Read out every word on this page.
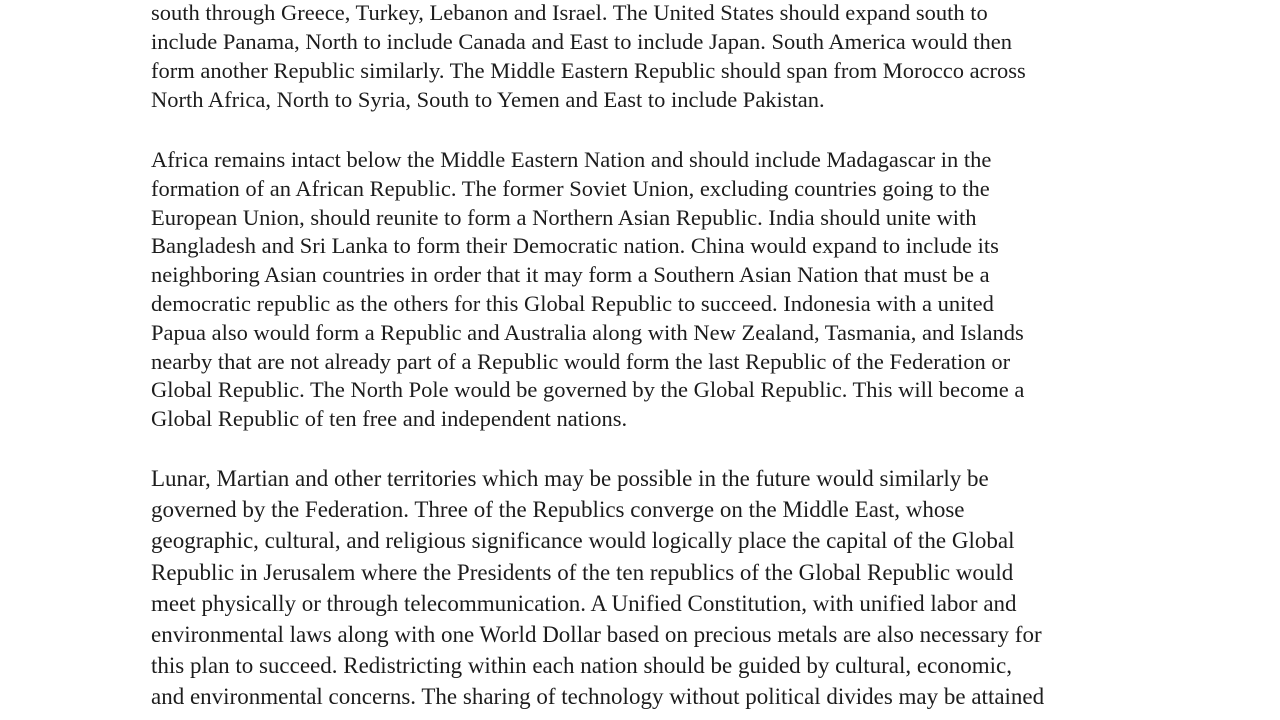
south through Greece, Turkey, Lebanon and Israel. The United States should expand south to
include Panama, North to include Canada and East to include Japan. South America would then
form another Republic similarly. The Middle Eastern Republic should span from Morocco across
North Africa, North to Syria, South to Yemen and East to include Pakistan.
Africa remains intact below the Middle Eastern Nation and should include Madagascar in the
formation of an African Republic. The former Soviet Union, excluding countries going to the
European Union, should reunite to form a Northern Asian Republic. India should unite with
Bangladesh and Sri Lanka to form their Democratic nation. China would expand to include its
neighboring Asian countries in order that it may form a Southern Asian Nation that must be a
democratic republic as the others for this Global Republic to succeed. Indonesia with a united
Papua also would form a Republic and Australia along with New Zealand, Tasmania, and Islands
nearby that are not already part of a Republic would form the last Republic of the Federation or
Global Republic. The North Pole would be governed by the Global Republic. This will become a
Global Republic of ten free and independent nations.
Lunar, Martian and other territories which may be possible in the future would similarly be
governed by the Federation. Three of the Republics converge on the Middle East, whose
geographic, cultural, and religious significance would logically place the capital of the Global
Republic in Jerusalem where the Presidents of the ten republics of the Global Republic would
meet physically or through telecommunication. A Unified Constitution, with unified labor and
environmental laws along with one World Dollar based on precious metals are also necessary for
this plan to succeed. Redistricting within each nation should be guided by cultural, economic,
and environmental concerns. The sharing of technology without political divides may be attained
